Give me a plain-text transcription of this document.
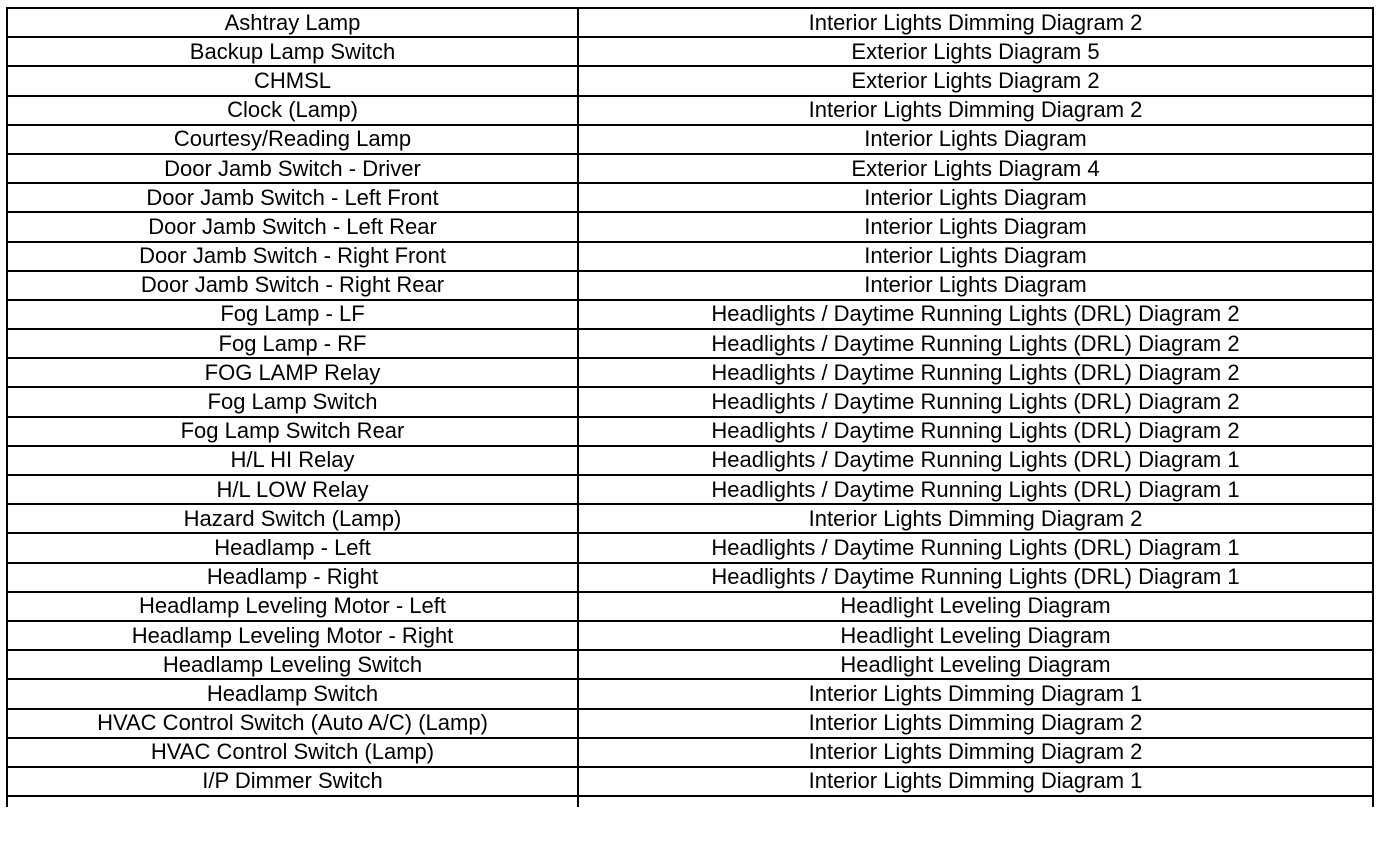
Ashtray Lamp	Interior Lights Dimming Diagram 2
Backup Lamp Switch	Exterior Lights Diagram 5
CHMSL	Exterior Lights Diagram 2
Clock (Lamp)	Interior Lights Dimming Diagram 2
Courtesy/Reading Lamp	Interior Lights Diagram
Door Jamb Switch - Driver	Exterior Lights Diagram 4
Door Jamb Switch - Left Front	Interior Lights Diagram
Door Jamb Switch - Left Rear	Interior Lights Diagram
Door Jamb Switch - Right Front	Interior Lights Diagram
Door Jamb Switch - Right Rear	Interior Lights Diagram
Fog Lamp - LF	Headlights / Daytime Running Lights (DRL) Diagram 2
Fog Lamp - RF	Headlights / Daytime Running Lights (DRL) Diagram 2
FOG LAMP Relay	Headlights / Daytime Running Lights (DRL) Diagram 2
Fog Lamp Switch	Headlights / Daytime Running Lights (DRL) Diagram 2
Fog Lamp Switch Rear	Headlights / Daytime Running Lights (DRL) Diagram 2
H/L HI Relay	Headlights / Daytime Running Lights (DRL) Diagram 1
H/L LOW Relay	Headlights / Daytime Running Lights (DRL) Diagram 1
Hazard Switch (Lamp)	Interior Lights Dimming Diagram 2
Headlamp - Left	Headlights / Daytime Running Lights (DRL) Diagram 1
Headlamp - Right	Headlights / Daytime Running Lights (DRL) Diagram 1
Headlamp Leveling Motor - Left	Headlight Leveling Diagram
Headlamp Leveling Motor - Right	Headlight Leveling Diagram
Headlamp Leveling Switch	Headlight Leveling Diagram
Headlamp Switch	Interior Lights Dimming Diagram 1
HVAC Control Switch (Auto A/C) (Lamp)	Interior Lights Dimming Diagram 2
HVAC Control Switch (Lamp)	Interior Lights Dimming Diagram 2
I/P Dimmer Switch	Interior Lights Dimming Diagram 1
